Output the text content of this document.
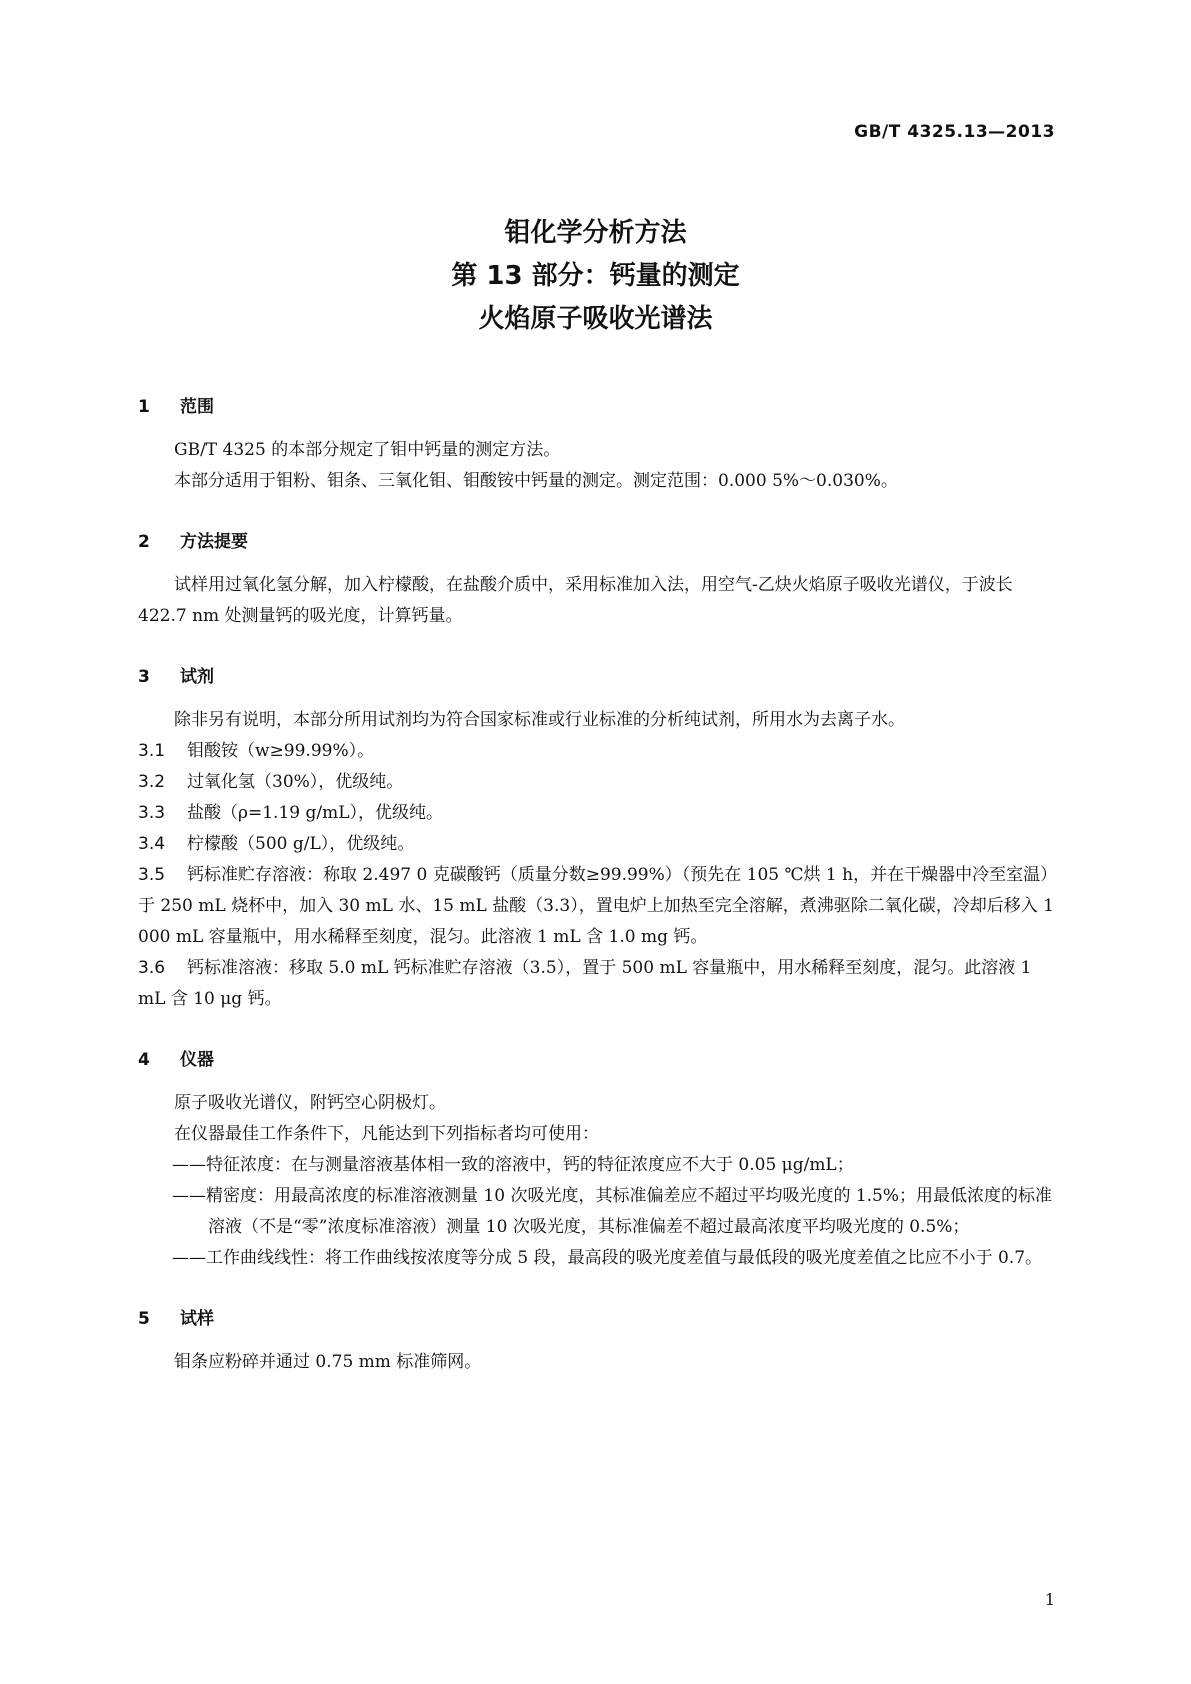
GB/T 4325.13—2013
钼化学分析方法
第 13 部分：钙量的测定
火焰原子吸收光谱法
1 范围

GB/T 4325 的本部分规定了钼中钙量的测定方法。

本部分适用于钼粉、钼条、三氧化钼、钼酸铵中钙量的测定。测定范围：0.000 5%～0.030%。

2 方法提要

试样用过氧化氢分解，加入柠檬酸，在盐酸介质中，采用标准加入法，用空气-乙炔火焰原子吸收光谱仪，于波长 422.7 nm 处测量钙的吸光度，计算钙量。

3 试剂

除非另有说明，本部分所用试剂均为符合国家标准或行业标准的分析纯试剂，所用水为去离子水。

3.1 钼酸铵（w≥99.99%）。

3.2 过氧化氢（30%），优级纯。

3.3 盐酸（ρ=1.19 g/mL），优级纯。

3.4 柠檬酸（500 g/L），优级纯。

3.5 钙标准贮存溶液：称取 2.497 0 克碳酸钙（质量分数≥99.99%）（预先在 105 ℃烘 1 h，并在干燥器中冷至室温）于 250 mL 烧杯中，加入 30 mL 水、15 mL 盐酸（3.3），置电炉上加热至完全溶解，煮沸驱除二氧化碳，冷却后移入 1 000 mL 容量瓶中，用水稀释至刻度，混匀。此溶液 1 mL 含 1.0 mg 钙。

3.6 钙标准溶液：移取 5.0 mL 钙标准贮存溶液（3.5），置于 500 mL 容量瓶中，用水稀释至刻度，混匀。此溶液 1 mL 含 10 μg 钙。

4 仪器

原子吸收光谱仪，附钙空心阴极灯。

在仪器最佳工作条件下，凡能达到下列指标者均可使用：

——特征浓度：在与测量溶液基体相一致的溶液中，钙的特征浓度应不大于 0.05 μg/mL；

——精密度：用最高浓度的标准溶液测量 10 次吸光度，其标准偏差应不超过平均吸光度的 1.5%；用最低浓度的标准溶液（不是“零”浓度标准溶液）测量 10 次吸光度，其标准偏差不超过最高浓度平均吸光度的 0.5%；

——工作曲线线性：将工作曲线按浓度等分成 5 段，最高段的吸光度差值与最低段的吸光度差值之比应不小于 0.7。

5 试样

钼条应粉碎并通过 0.75 mm 标准筛网。

1
